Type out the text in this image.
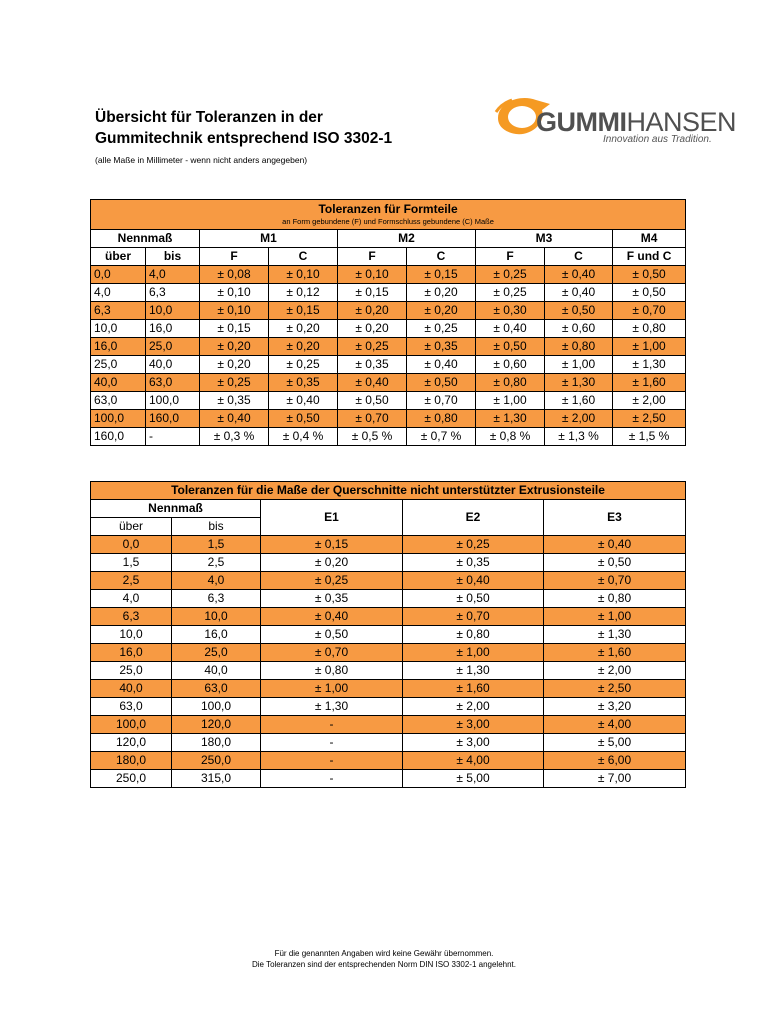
Übersicht für Toleranzen in der
Gummitechnik entsprechend ISO 3302-1
(alle Maße in Millimeter - wenn nicht anders angegeben)
GUMMIHANSEN
Innovation aus Tradition.
Toleranzen für Formteile
an Form gebundene (F) und Formschluss gebundene (C) Maße								

Nennmaß		M1		M2		M3		M4
über	bis	F	C	F	C	F	C	F und C
0,0	4,0	± 0,08	± 0,10	± 0,10	± 0,15	± 0,25	± 0,40	± 0,50
4,0	6,3	± 0,10	± 0,12	± 0,15	± 0,20	± 0,25	± 0,40	± 0,50
6,3	10,0	± 0,10	± 0,15	± 0,20	± 0,20	± 0,30	± 0,50	± 0,70
10,0	16,0	± 0,15	± 0,20	± 0,20	± 0,25	± 0,40	± 0,60	± 0,80
16,0	25,0	± 0,20	± 0,20	± 0,25	± 0,35	± 0,50	± 0,80	± 1,00
25,0	40,0	± 0,20	± 0,25	± 0,35	± 0,40	± 0,60	± 1,00	± 1,30
40,0	63,0	± 0,25	± 0,35	± 0,40	± 0,50	± 0,80	± 1,30	± 1,60
63,0	100,0	± 0,35	± 0,40	± 0,50	± 0,70	± 1,00	± 1,60	± 2,00
100,0	160,0	± 0,40	± 0,50	± 0,70	± 0,80	± 1,30	± 2,00	± 2,50
160,0	-	± 0,3 %	± 0,4 %	± 0,5 %	± 0,7 %	± 0,8 %	± 1,3 %	± 1,5 %
Toleranzen für die Maße der Querschnitte nicht unterstützter Extrusionsteile				

Nennmaß		E1	E2	E3
über	bis			
0,0	1,5	± 0,15	± 0,25	± 0,40
1,5	2,5	± 0,20	± 0,35	± 0,50
2,5	4,0	± 0,25	± 0,40	± 0,70
4,0	6,3	± 0,35	± 0,50	± 0,80
6,3	10,0	± 0,40	± 0,70	± 1,00
10,0	16,0	± 0,50	± 0,80	± 1,30
16,0	25,0	± 0,70	± 1,00	± 1,60
25,0	40,0	± 0,80	± 1,30	± 2,00
40,0	63,0	± 1,00	± 1,60	± 2,50
63,0	100,0	± 1,30	± 2,00	± 3,20
100,0	120,0	-	± 3,00	± 4,00
120,0	180,0	-	± 3,00	± 5,00
180,0	250,0	-	± 4,00	± 6,00
250,0	315,0	-	± 5,00	± 7,00
Für die genannten Angaben wird keine Gewähr übernommen.
Die Toleranzen sind der entsprechenden Norm DIN ISO 3302-1 angelehnt.
